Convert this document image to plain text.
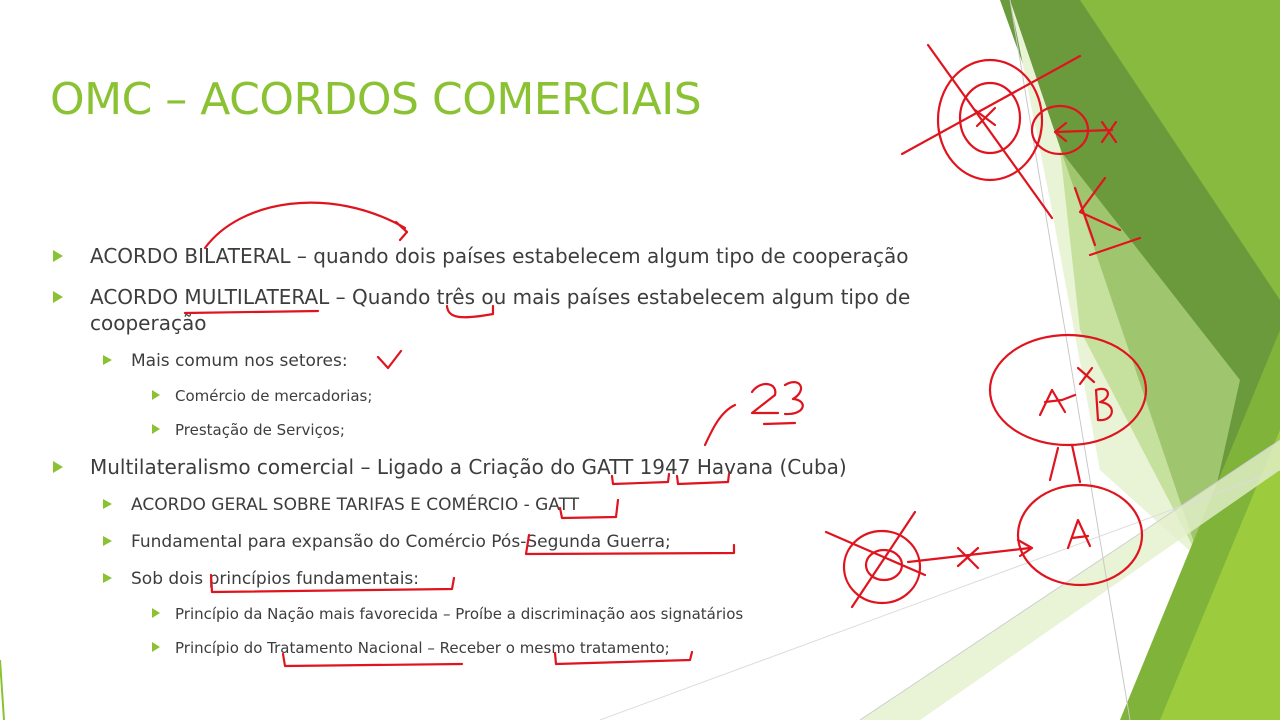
OMC – ACORDOS COMERCIAIS
ACORDO BILATERAL – quando dois países estabelecem algum tipo de cooperação
ACORDO MULTILATERAL – Quando três ou mais países estabelecem algum tipo de cooperação
Mais comum nos setores:
Comércio de mercadorias;
Prestação de Serviços;
Multilateralismo comercial – Ligado a Criação do GATT 1947 Havana (Cuba)
ACORDO GERAL SOBRE TARIFAS E COMÉRCIO - GATT
Fundamental para expansão do Comércio Pós-Segunda Guerra;
Sob dois princípios fundamentais:
Princípio da Nação mais favorecida – Proíbe a discriminação aos signatários
Princípio do Tratamento Nacional – Receber o mesmo tratamento;
